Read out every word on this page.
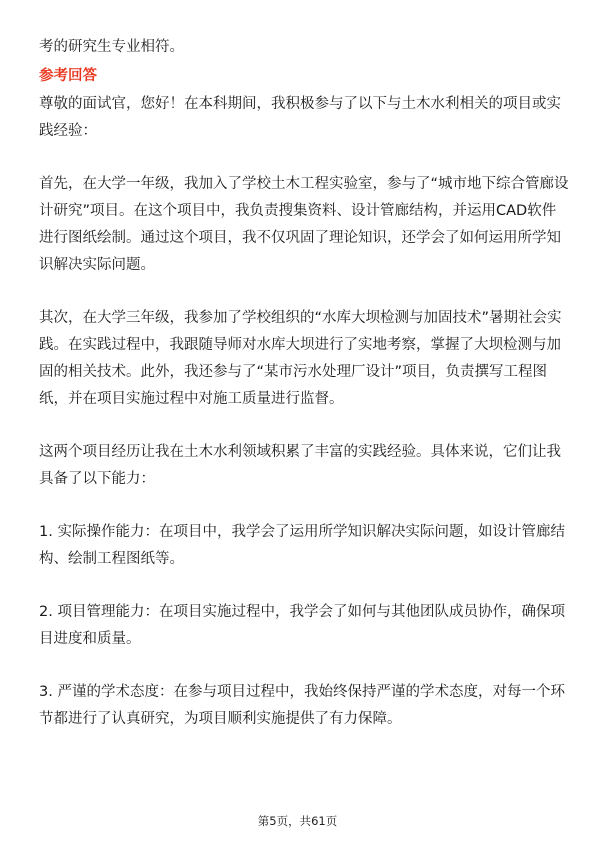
考的研究生专业相符。

参考回答

尊敬的面试官，您好！在本科期间，我积极参与了以下与土木水利相关的项目或实
践经验：

首先，在大学一年级，我加入了学校土木工程实验室，参与了“城市地下综合管廊设
计研究”项目。在这个项目中，我负责搜集资料、设计管廊结构，并运用CAD软件
进行图纸绘制。通过这个项目，我不仅巩固了理论知识，还学会了如何运用所学知
识解决实际问题。

其次，在大学三年级，我参加了学校组织的“水库大坝检测与加固技术”暑期社会实
践。在实践过程中，我跟随导师对水库大坝进行了实地考察，掌握了大坝检测与加
固的相关技术。此外，我还参与了“某市污水处理厂设计”项目，负责撰写工程图
纸，并在项目实施过程中对施工质量进行监督。

这两个项目经历让我在土木水利领域积累了丰富的实践经验。具体来说，它们让我
具备了以下能力：

1. 实际操作能力：在项目中，我学会了运用所学知识解决实际问题，如设计管廊结
构、绘制工程图纸等。

2. 项目管理能力：在项目实施过程中，我学会了如何与其他团队成员协作，确保项
目进度和质量。

3. 严谨的学术态度：在参与项目过程中，我始终保持严谨的学术态度，对每一个环
节都进行了认真研究，为项目顺利实施提供了有力保障。

第5页，共61页
